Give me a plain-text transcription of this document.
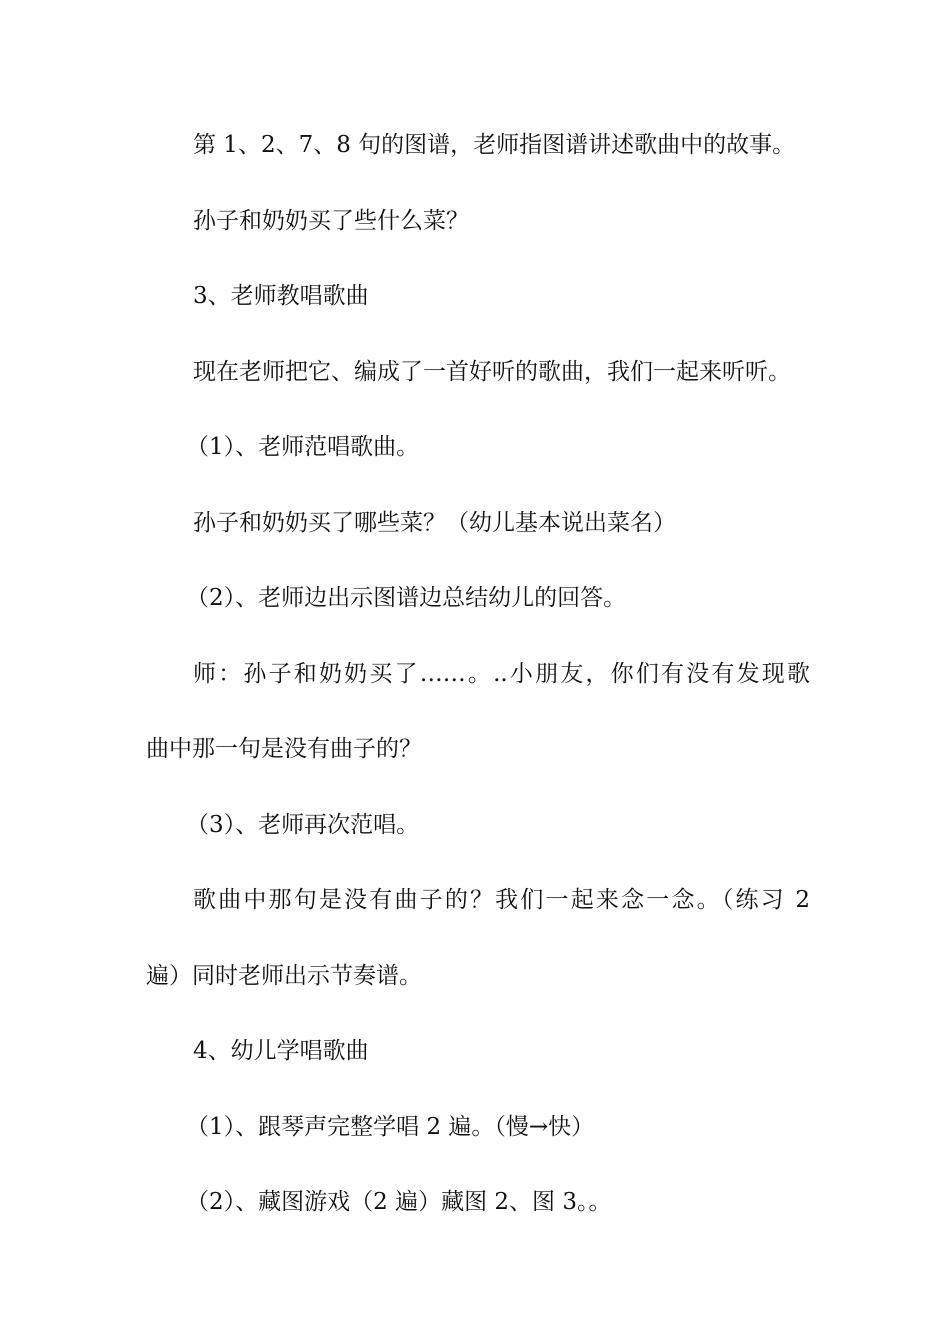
第 1、2、7、8 句的图谱，老师指图谱讲述歌曲中的故事。
孙子和奶奶买了些什么菜？
3、老师教唱歌曲
现在老师把它、编成了一首好听的歌曲，我们一起来听听。
（1）、老师范唱歌曲。
孙子和奶奶买了哪些菜？（幼儿基本说出菜名）
（2）、老师边出示图谱边总结幼儿的回答。
师：孙子和奶奶买了……。..小朋友，你们有没有发现歌
曲中那一句是没有曲子的？
（3）、老师再次范唱。
歌曲中那句是没有曲子的？我们一起来念一念。（练习 2
遍）同时老师出示节奏谱。
4、幼儿学唱歌曲
（1）、跟琴声完整学唱 2 遍。（慢→快）
（2）、藏图游戏（2 遍）藏图 2、图 3。。
